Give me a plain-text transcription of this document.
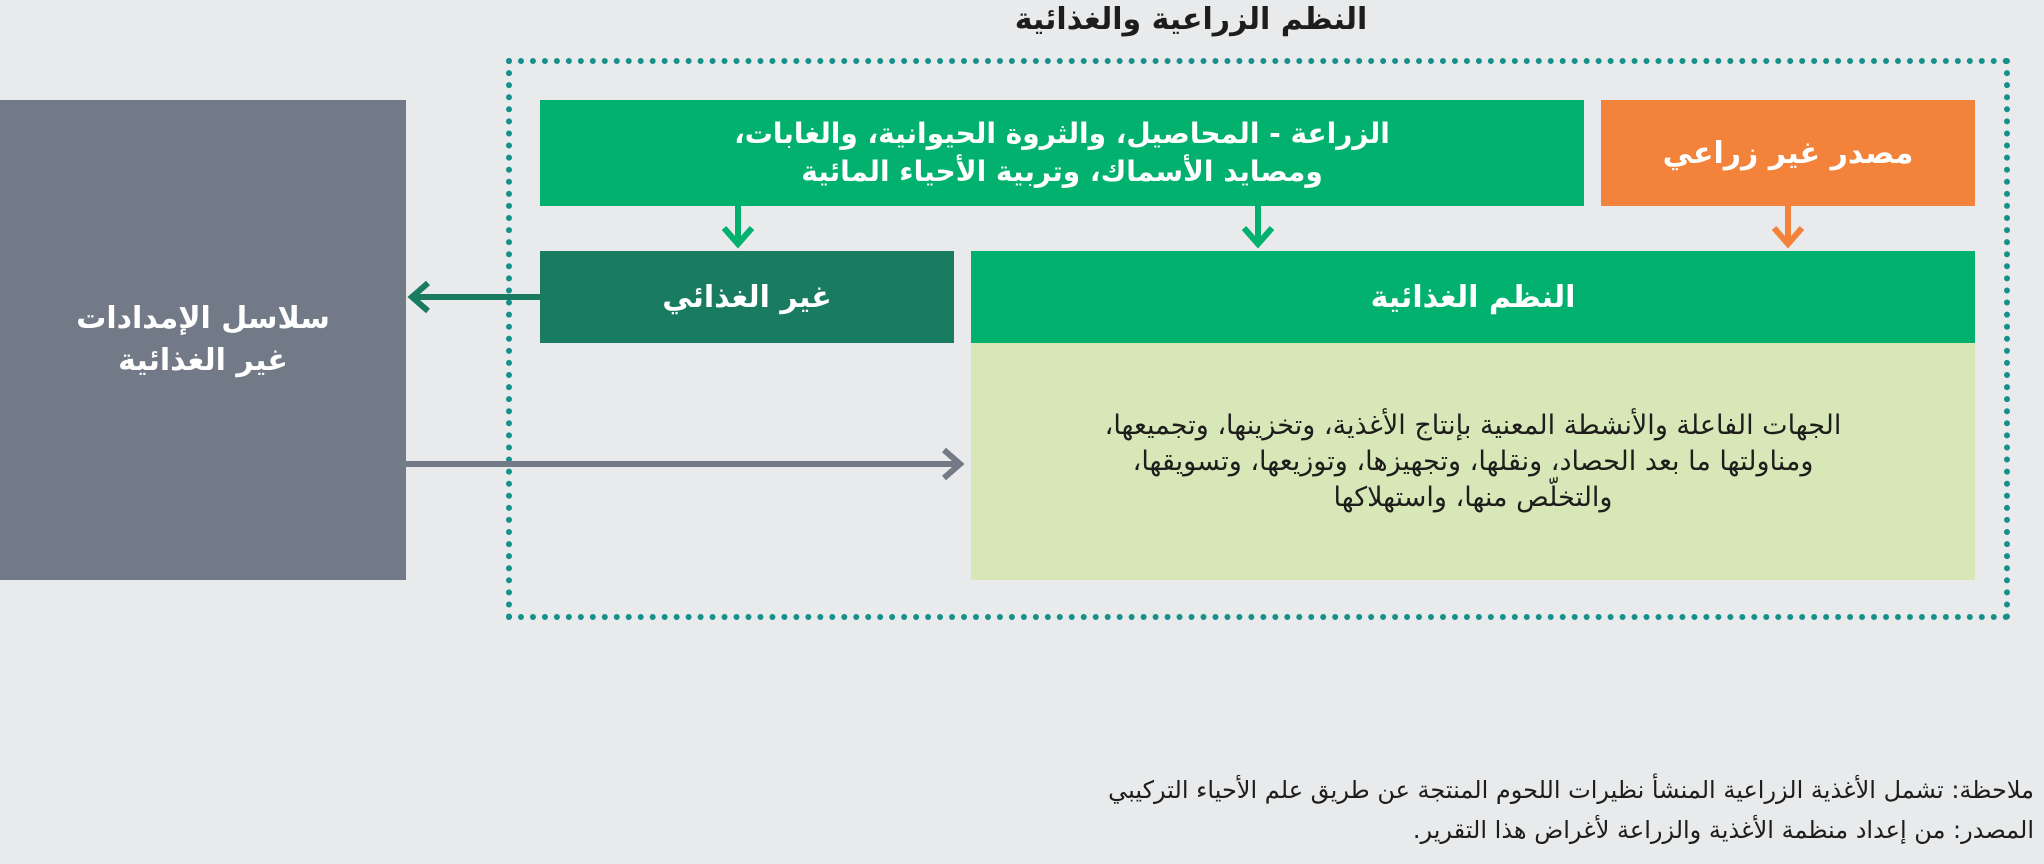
النظم الزراعية والغذائية
الزراعة - المحاصيل، والثروة الحيوانية، والغابات،
ومصايد الأسماك، وتربية الأحياء المائية
مصدر غير زراعي
النظم الغذائية
غير الغذائي
الجهات الفاعلة والأنشطة المعنية بإنتاج الأغذية، وتخزينها، وتجميعها،
ومناولتها ما بعد الحصاد، ونقلها، وتجهيزها، وتوزيعها، وتسويقها،
والتخلّص منها، واستهلاكها
سلاسل الإمدادات
غير الغذائية
ملاحظة: تشمل الأغذية الزراعية المنشأ نظيرات اللحوم المنتجة عن طريق علم الأحياء التركيبي
المصدر: من إعداد منظمة الأغذية والزراعة لأغراض هذا التقرير.
